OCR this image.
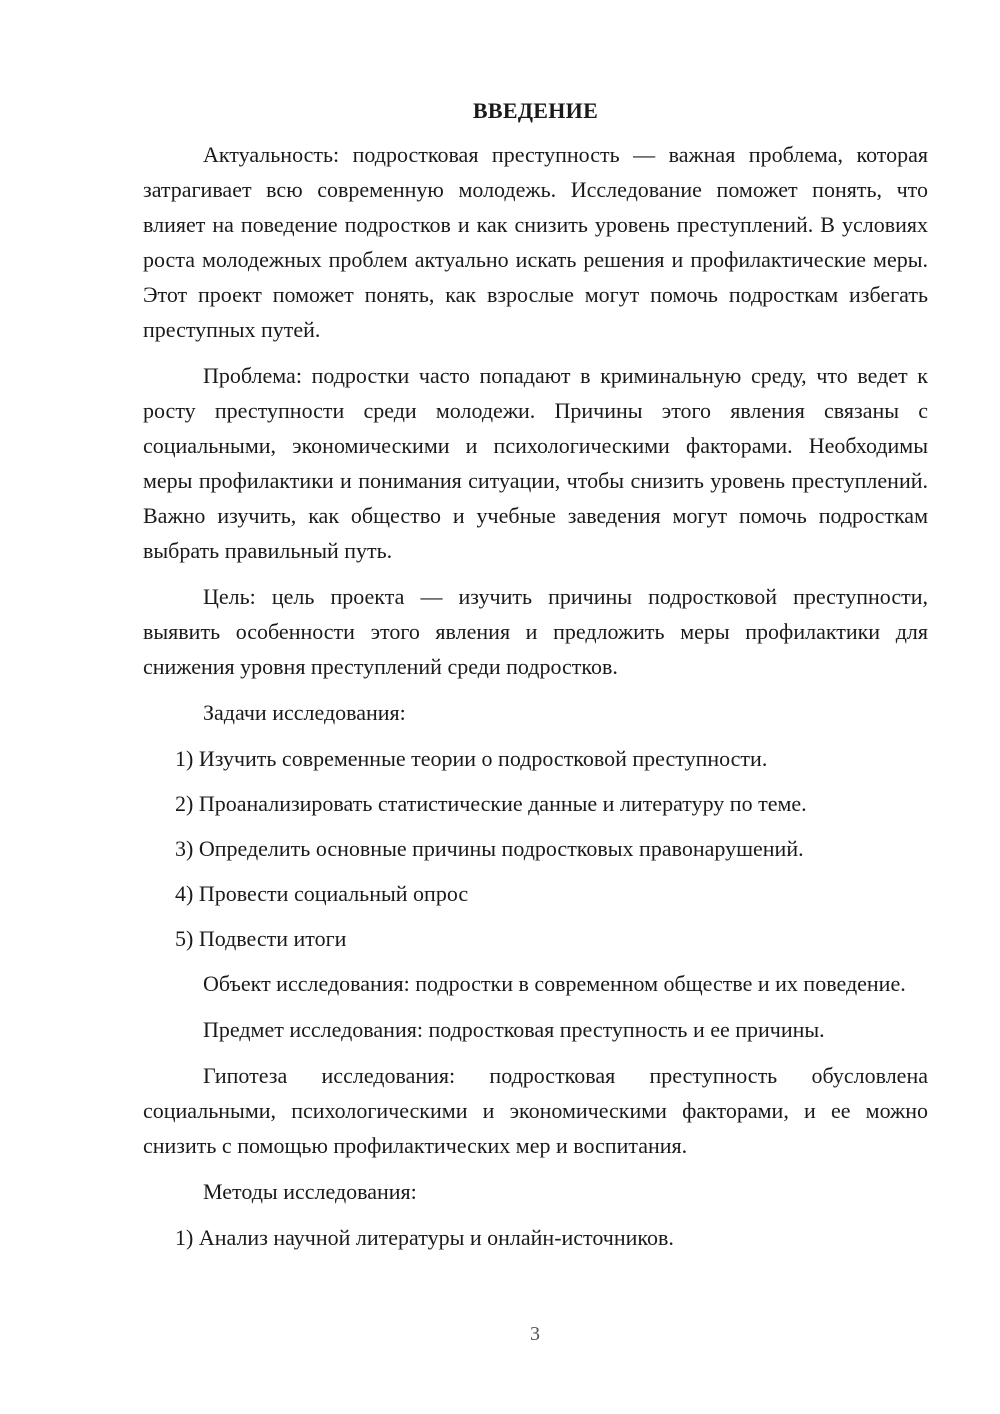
ВВЕДЕНИЕ

Актуальность: подростковая преступность — важная проблема, которая затрагивает всю современную молодежь. Исследование поможет понять, что влияет на поведение подростков и как снизить уровень преступлений. В условиях роста молодежных проблем актуально искать решения и профилактические меры. Этот проект поможет понять, как взрослые могут помочь подросткам избегать преступных путей.

Проблема: подростки часто попадают в криминальную среду, что ведет к росту преступности среди молодежи. Причины этого явления связаны с социальными, экономическими и психологическими факторами. Необходимы меры профилактики и понимания ситуации, чтобы снизить уровень преступлений. Важно изучить, как общество и учебные заведения могут помочь подросткам выбрать правильный путь.

Цель: цель проекта — изучить причины подростковой преступности, выявить особенности этого явления и предложить меры профилактики для снижения уровня преступлений среди подростков.

Задачи исследования:

1) Изучить современные теории о подростковой преступности.
2) Проанализировать статистические данные и литературу по теме.
3) Определить основные причины подростковых правонарушений.
4) Провести социальный опрос
5) Подвести итоги

Объект исследования: подростки в современном обществе и их поведение.

Предмет исследования: подростковая преступность и ее причины.

Гипотеза исследования: подростковая преступность обусловлена социальными, психологическими и экономическими факторами, и ее можно снизить с помощью профилактических мер и воспитания.

Методы исследования:

1) Анализ научной литературы и онлайн-источников.
3
